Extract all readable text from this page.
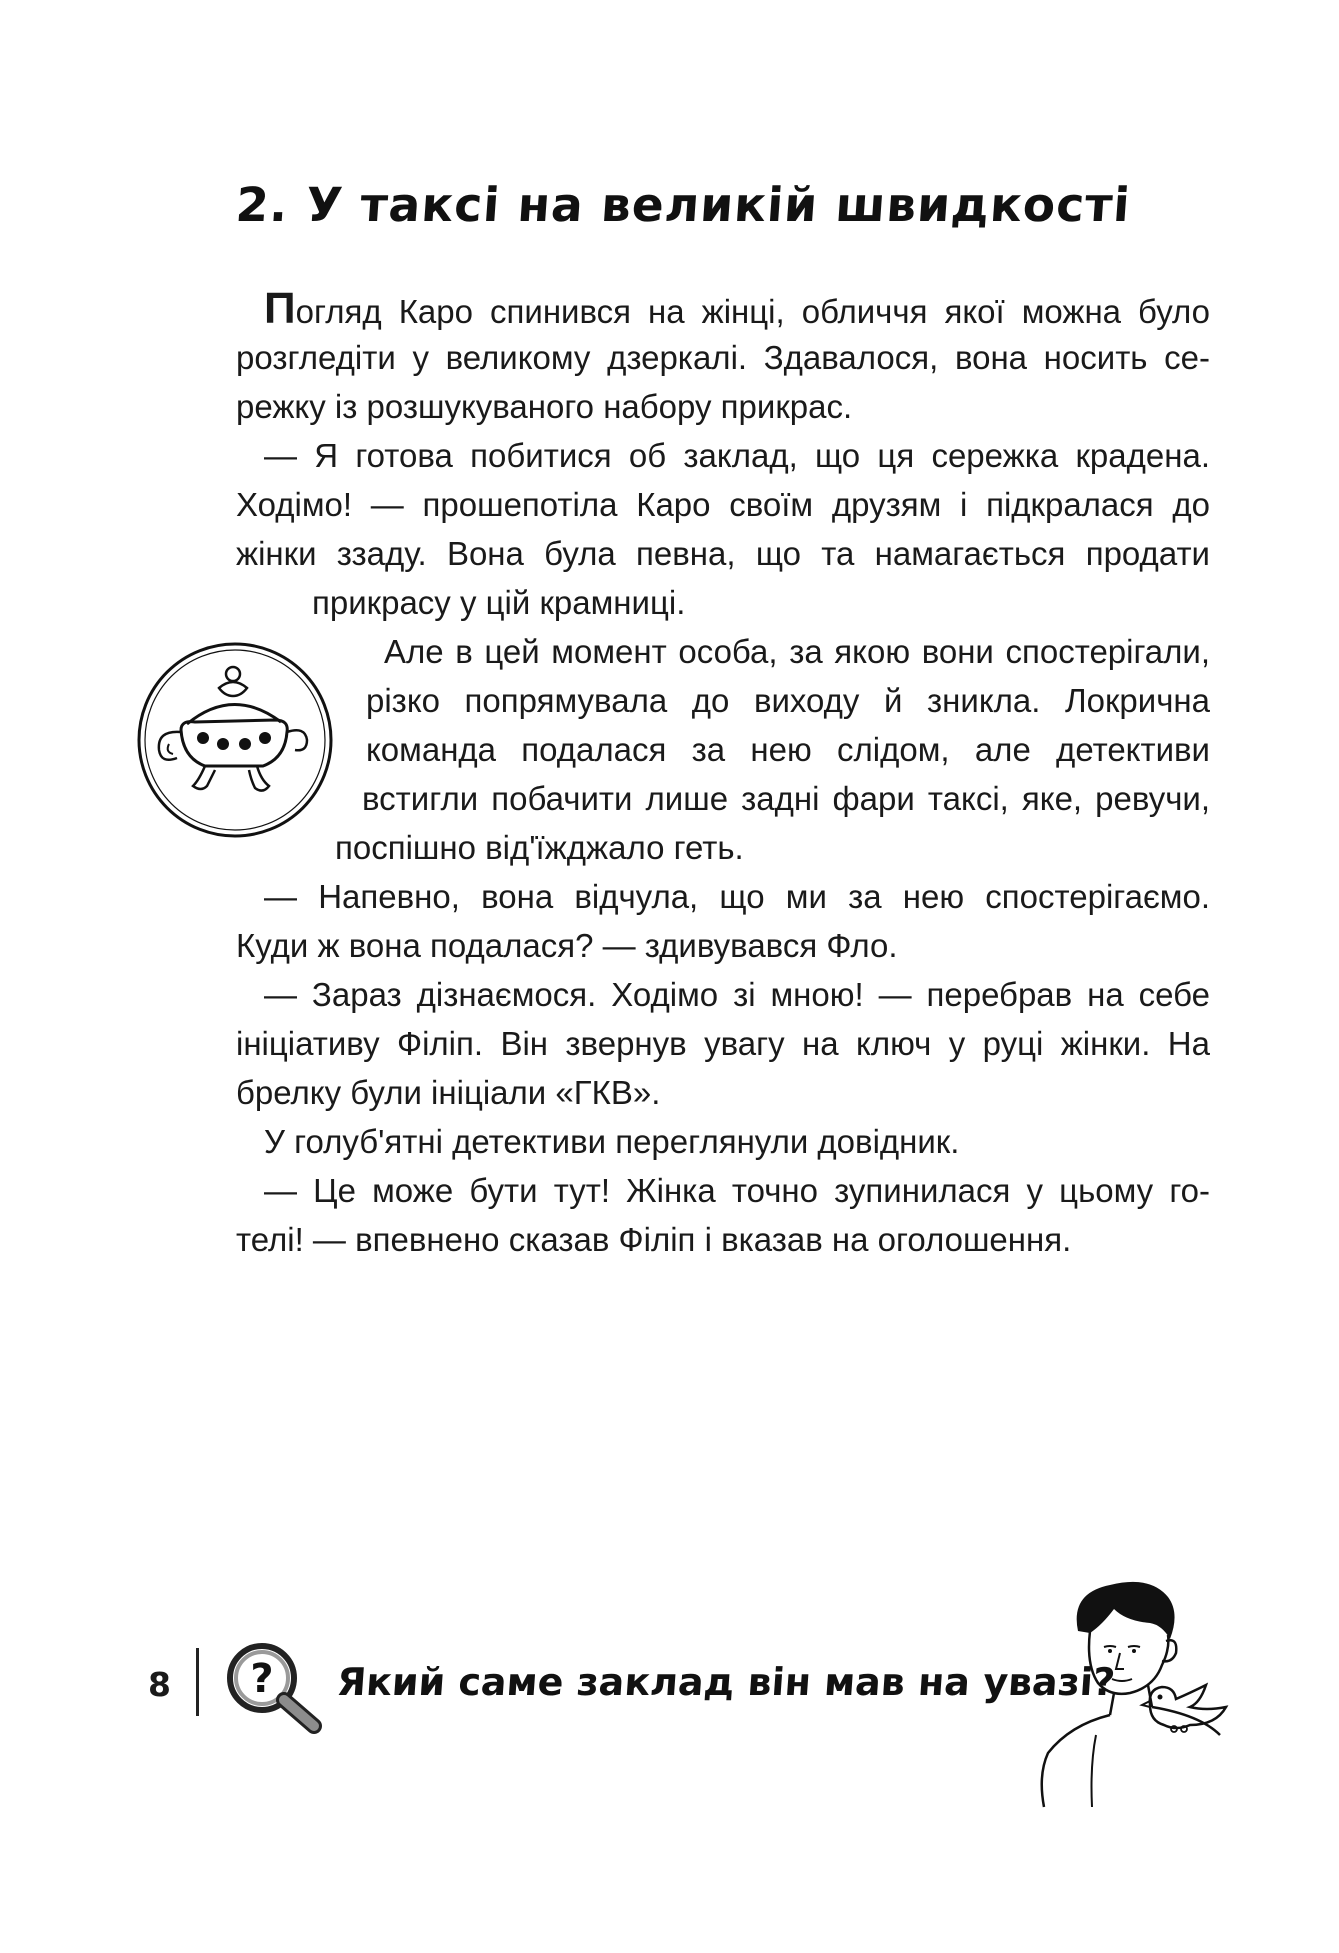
2. У таксі на великій швидкості
Погляд Каро спинився на жінці, обличчя якої можна було
розгледіти у великому дзеркалі. Здавалося, вона носить се-
режку із розшукуваного набору прикрас.
— Я готова побитися об заклад, що ця сережка крадена.
Ходімо! — прошепотіла Каро своїм друзям і підкралася до
жінки ззаду. Вона була певна, що та намагається продати
прикрасу у цій крамниці.
Але в цей момент особа, за якою вони спостерігали,
різко попрямувала до виходу й зникла. Локрична
команда подалася за нею слідом, але детективи
встигли побачити лише задні фари таксі, яке, ревучи,
поспішно від'їжджало геть.
— Напевно, вона відчула, що ми за нею спостерігаємо.
Куди ж вона подалася? — здивувався Фло.
— Зараз дізнаємося. Ходімо зі мною! — перебрав на себе
ініціативу Філіп. Він звернув увагу на ключ у руці жінки. На
брелку були ініціали «ГКВ».
У голуб'ятні детективи переглянули довідник.
— Це може бути тут! Жінка точно зупинилася у цьому го-
телі! — впевнено сказав Філіп і вказав на оголошення.
8 ? Який саме заклад він мав на увазі?
